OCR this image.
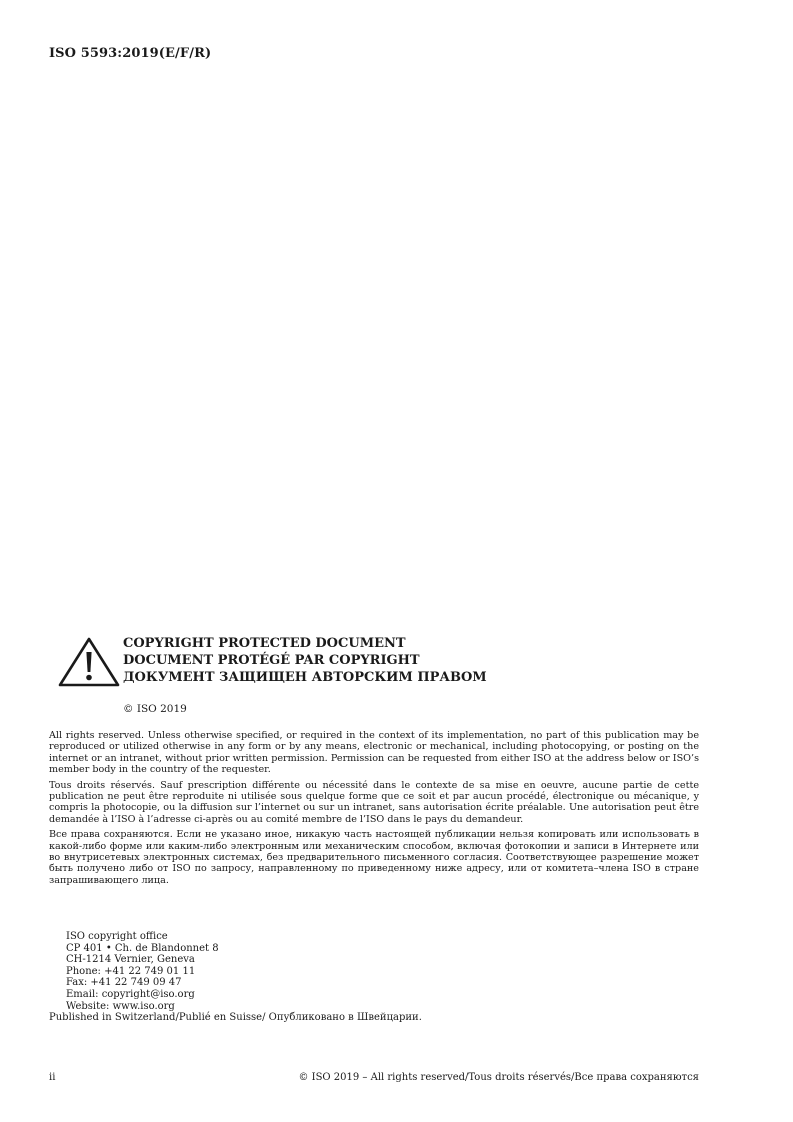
ISO 5593:2019(E/F/R)
COPYRIGHT PROTECTED DOCUMENT
DOCUMENT PROTÉGÉ PAR COPYRIGHT
ДОКУМЕНТ ЗАЩИЩЕН АВТОРСКИМ ПРАВОМ
© ISO 2019

All rights reserved. Unless otherwise specified, or required in the context of its implementation, no part of this publication may be reproduced or utilized otherwise in any form or by any means, electronic or mechanical, including photocopying, or posting on the internet or an intranet, without prior written permission. Permission can be requested from either ISO at the address below or ISO’s member body in the country of the requester.

Tous droits réservés. Sauf prescription différente ou nécessité dans le contexte de sa mise en oeuvre, aucune partie de cette publication ne peut être reproduite ni utilisée sous quelque forme que ce soit et par aucun procédé, électronique ou mécanique, y compris la photocopie, ou la diffusion sur l’internet ou sur un intranet, sans autorisation écrite préalable. Une autorisation peut être demandée à l’ISO à l’adresse ci-après ou au comité membre de l’ISO dans le pays du demandeur.

Все права сохраняются. Если не указано иное, никакую часть настоящей публикации нельзя копировать или использовать в какой-либо форме или каким-либо электронным или механическим способом, включая фотокопии и записи в Интернете или во внутрисетевых электронных системах, без предварительного письменного согласия. Соответствующее разрешение может быть получено либо от ISO по запросу, направленному по приведенному ниже адресу, или от комитета–члена ISO в стране запрашивающего лица.

ISO copyright office
CP 401 • Ch. de Blandonnet 8
CH-1214 Vernier, Geneva
Phone: +41 22 749 01 11
Fax: +41 22 749 09 47
Email: copyright@iso.org
Website: www.iso.org
Published in Switzerland/Publié en Suisse/ Опубликовано в Швейцарии.
ii	© ISO 2019 – All rights reserved/Tous droits réservés/Все права сохраняются
